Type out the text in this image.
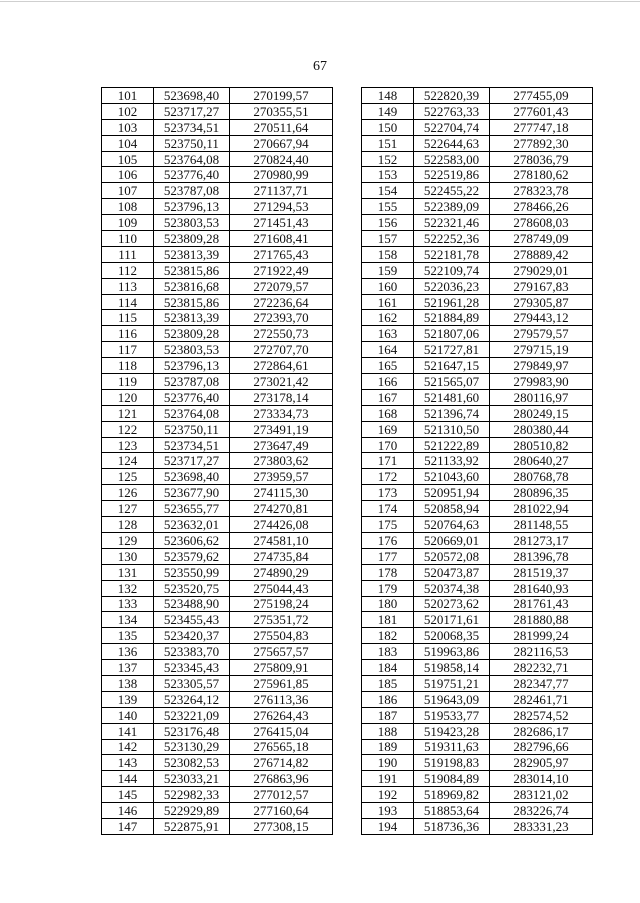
67
101	523698,40	270199,57
102	523717,27	270355,51
103	523734,51	270511,64
104	523750,11	270667,94
105	523764,08	270824,40
106	523776,40	270980,99
107	523787,08	271137,71
108	523796,13	271294,53
109	523803,53	271451,43
110	523809,28	271608,41
111	523813,39	271765,43
112	523815,86	271922,49
113	523816,68	272079,57
114	523815,86	272236,64
115	523813,39	272393,70
116	523809,28	272550,73
117	523803,53	272707,70
118	523796,13	272864,61
119	523787,08	273021,42
120	523776,40	273178,14
121	523764,08	273334,73
122	523750,11	273491,19
123	523734,51	273647,49
124	523717,27	273803,62
125	523698,40	273959,57
126	523677,90	274115,30
127	523655,77	274270,81
128	523632,01	274426,08
129	523606,62	274581,10
130	523579,62	274735,84
131	523550,99	274890,29
132	523520,75	275044,43
133	523488,90	275198,24
134	523455,43	275351,72
135	523420,37	275504,83
136	523383,70	275657,57
137	523345,43	275809,91
138	523305,57	275961,85
139	523264,12	276113,36
140	523221,09	276264,43
141	523176,48	276415,04
142	523130,29	276565,18
143	523082,53	276714,82
144	523033,21	276863,96
145	522982,33	277012,57
146	522929,89	277160,64
147	522875,91	277308,15
148	522820,39	277455,09
149	522763,33	277601,43
150	522704,74	277747,18
151	522644,63	277892,30
152	522583,00	278036,79
153	522519,86	278180,62
154	522455,22	278323,78
155	522389,09	278466,26
156	522321,46	278608,03
157	522252,36	278749,09
158	522181,78	278889,42
159	522109,74	279029,01
160	522036,23	279167,83
161	521961,28	279305,87
162	521884,89	279443,12
163	521807,06	279579,57
164	521727,81	279715,19
165	521647,15	279849,97
166	521565,07	279983,90
167	521481,60	280116,97
168	521396,74	280249,15
169	521310,50	280380,44
170	521222,89	280510,82
171	521133,92	280640,27
172	521043,60	280768,78
173	520951,94	280896,35
174	520858,94	281022,94
175	520764,63	281148,55
176	520669,01	281273,17
177	520572,08	281396,78
178	520473,87	281519,37
179	520374,38	281640,93
180	520273,62	281761,43
181	520171,61	281880,88
182	520068,35	281999,24
183	519963,86	282116,53
184	519858,14	282232,71
185	519751,21	282347,77
186	519643,09	282461,71
187	519533,77	282574,52
188	519423,28	282686,17
189	519311,63	282796,66
190	519198,83	282905,97
191	519084,89	283014,10
192	518969,82	283121,02
193	518853,64	283226,74
194	518736,36	283331,23
